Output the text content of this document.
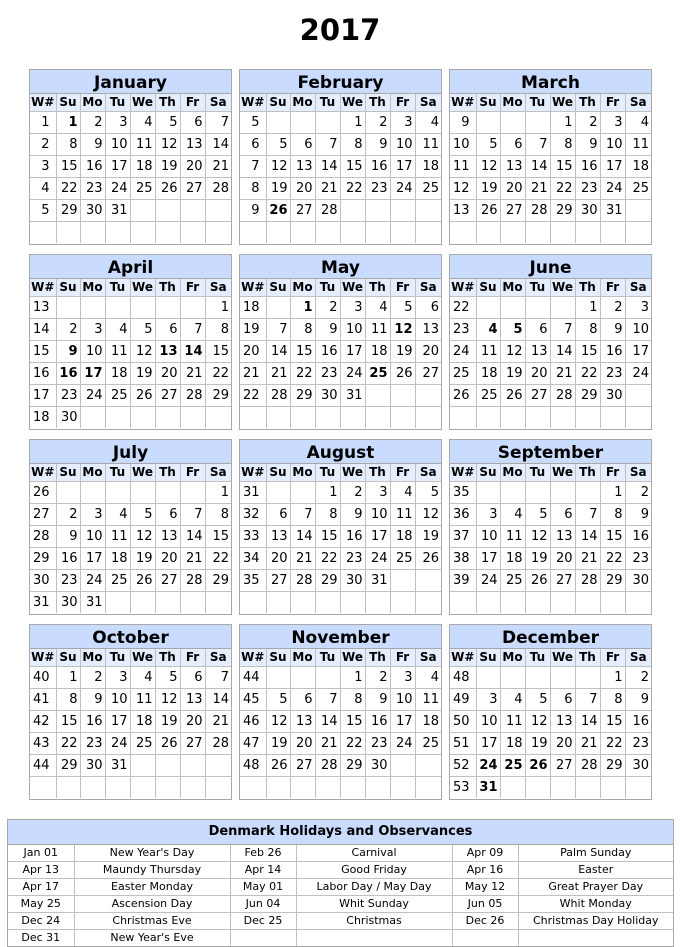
2017
January
W#	Su	Mo	Tu	We	Th	Fr	Sa
1	1	2	3	4	5	6	7
2	8	9	10	11	12	13	14
3	15	16	17	18	19	20	21
4	22	23	24	25	26	27	28
5	29	30	31				

February
W#	Su	Mo	Tu	We	Th	Fr	Sa
5				1	2	3	4
6	5	6	7	8	9	10	11
7	12	13	14	15	16	17	18
8	19	20	21	22	23	24	25
9	26	27	28				

March
W#	Su	Mo	Tu	We	Th	Fr	Sa
9				1	2	3	4
10	5	6	7	8	9	10	11
11	12	13	14	15	16	17	18
12	19	20	21	22	23	24	25
13	26	27	28	29	30	31	

April
W#	Su	Mo	Tu	We	Th	Fr	Sa
13							1
14	2	3	4	5	6	7	8
15	9	10	11	12	13	14	15
16	16	17	18	19	20	21	22
17	23	24	25	26	27	28	29
18	30						
May
W#	Su	Mo	Tu	We	Th	Fr	Sa
18		1	2	3	4	5	6
19	7	8	9	10	11	12	13
20	14	15	16	17	18	19	20
21	21	22	23	24	25	26	27
22	28	29	30	31			

June
W#	Su	Mo	Tu	We	Th	Fr	Sa
22					1	2	3
23	4	5	6	7	8	9	10
24	11	12	13	14	15	16	17
25	18	19	20	21	22	23	24
26	25	26	27	28	29	30	

July
W#	Su	Mo	Tu	We	Th	Fr	Sa
26							1
27	2	3	4	5	6	7	8
28	9	10	11	12	13	14	15
29	16	17	18	19	20	21	22
30	23	24	25	26	27	28	29
31	30	31					
August
W#	Su	Mo	Tu	We	Th	Fr	Sa
31			1	2	3	4	5
32	6	7	8	9	10	11	12
33	13	14	15	16	17	18	19
34	20	21	22	23	24	25	26
35	27	28	29	30	31		

September
W#	Su	Mo	Tu	We	Th	Fr	Sa
35						1	2
36	3	4	5	6	7	8	9
37	10	11	12	13	14	15	16
38	17	18	19	20	21	22	23
39	24	25	26	27	28	29	30

October
W#	Su	Mo	Tu	We	Th	Fr	Sa
40	1	2	3	4	5	6	7
41	8	9	10	11	12	13	14
42	15	16	17	18	19	20	21
43	22	23	24	25	26	27	28
44	29	30	31				

November
W#	Su	Mo	Tu	We	Th	Fr	Sa
44				1	2	3	4
45	5	6	7	8	9	10	11
46	12	13	14	15	16	17	18
47	19	20	21	22	23	24	25
48	26	27	28	29	30		

December
W#	Su	Mo	Tu	We	Th	Fr	Sa
48						1	2
49	3	4	5	6	7	8	9
50	10	11	12	13	14	15	16
51	17	18	19	20	21	22	23
52	24	25	26	27	28	29	30
53	31						
Denmark Holidays and Observances
Jan 01	New Year's Day	Feb 26	Carnival	Apr 09	Palm Sunday
Apr 13	Maundy Thursday	Apr 14	Good Friday	Apr 16	Easter
Apr 17	Easter Monday	May 01	Labor Day / May Day	May 12	Great Prayer Day
May 25	Ascension Day	Jun 04	Whit Sunday	Jun 05	Whit Monday
Dec 24	Christmas Eve	Dec 25	Christmas	Dec 26	Christmas Day Holiday
Dec 31	New Year's Eve				
